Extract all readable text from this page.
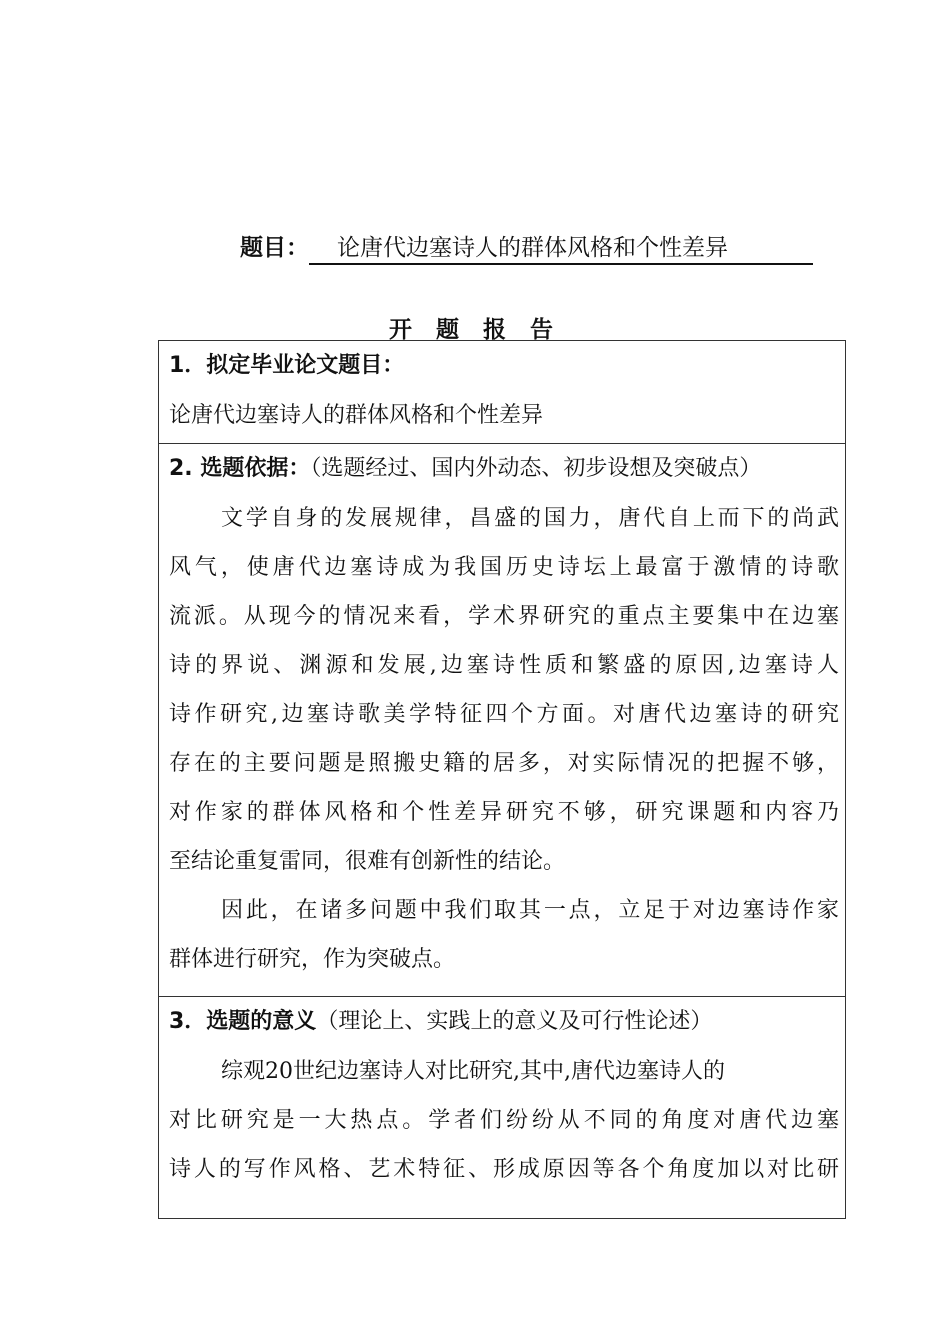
题目： 论唐代边塞诗人的群体风格和个性差异
开 题 报 告
1．拟定毕业论文题目：
论唐代边塞诗人的群体风格和个性差异
2. 选题依据：（选题经过、国内外动态、初步设想及突破点）
文学自身的发展规律，昌盛的国力，唐代自上而下的尚武
风气，使唐代边塞诗成为我国历史诗坛上最富于激情的诗歌
流派。从现今的情况来看，学术界研究的重点主要集中在边塞
诗的界说、渊源和发展,边塞诗性质和繁盛的原因,边塞诗人
诗作研究,边塞诗歌美学特征四个方面。对唐代边塞诗的研究
存在的主要问题是照搬史籍的居多，对实际情况的把握不够，
对作家的群体风格和个性差异研究不够，研究课题和内容乃
至结论重复雷同，很难有创新性的结论。
因此，在诸多问题中我们取其一点，立足于对边塞诗作家
群体进行研究，作为突破点。
3．选题的意义（理论上、实践上的意义及可行性论述）
综观20世纪边塞诗人对比研究,其中,唐代边塞诗人的
对比研究是一大热点。学者们纷纷从不同的角度对唐代边塞
诗人的写作风格、艺术特征、形成原因等各个角度加以对比研
